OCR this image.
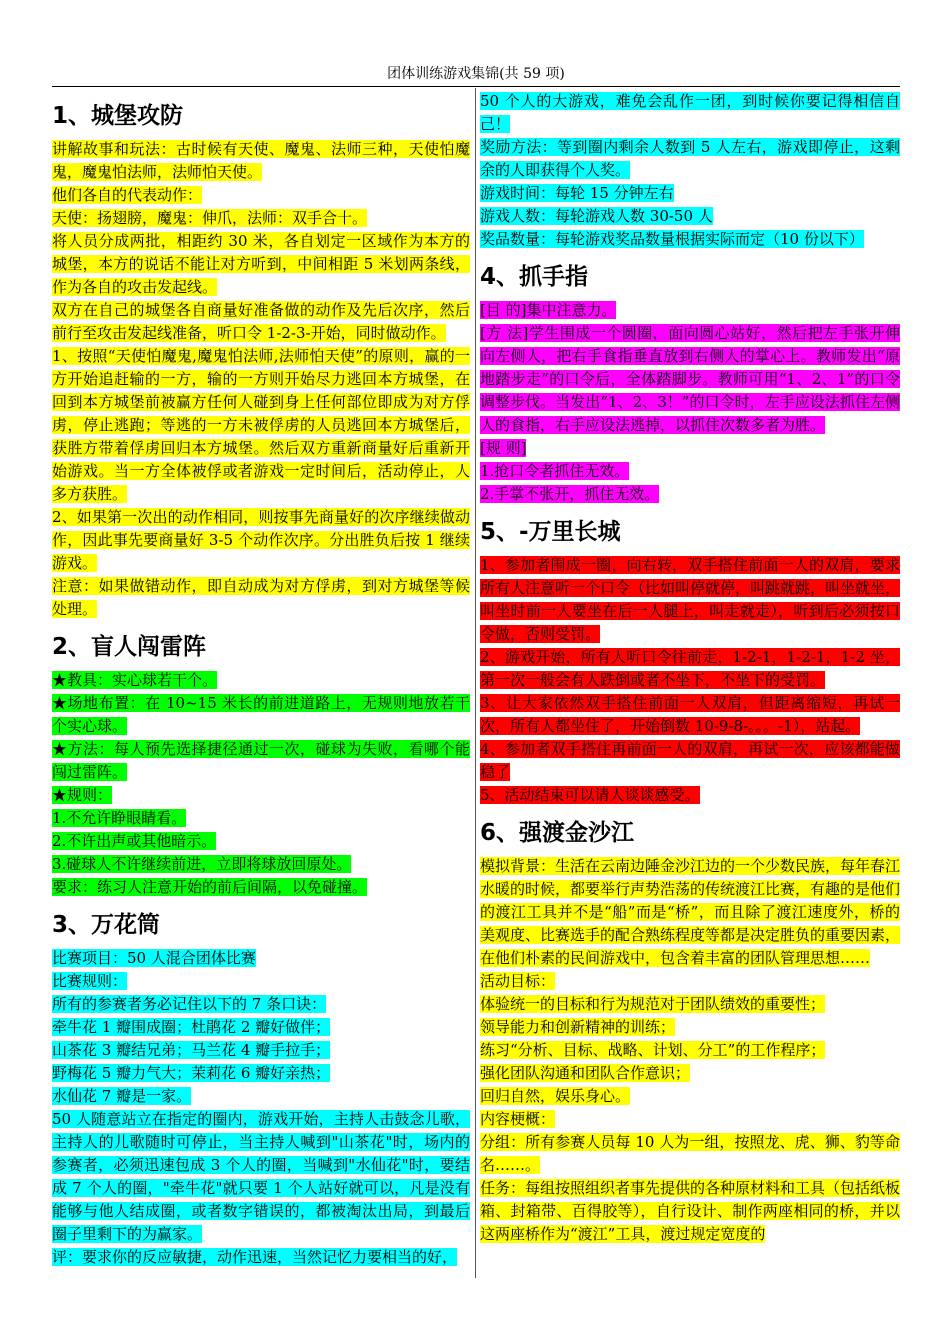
团体训练游戏集锦(共 59 项)
1、城堡攻防

讲解故事和玩法：古时候有天使、魔鬼、法师三种，天使怕魔鬼，魔鬼怕法师，法师怕天使。

他们各自的代表动作：

天使：扬翅膀，魔鬼：伸爪，法师：双手合十。

将人员分成两批，相距约 30 米，各自划定一区域作为本方的城堡，本方的说话不能让对方听到，中间相距 5 米划两条线，作为各自的攻击发起线。

双方在自己的城堡各自商量好准备做的动作及先后次序，然后前行至攻击发起线准备，听口令 1-2-3-开始，同时做动作。

1、按照“天使怕魔鬼,魔鬼怕法师,法师怕天使”的原则，赢的一方开始追赶输的一方，输的一方则开始尽力逃回本方城堡，在回到本方城堡前被赢方任何人碰到身上任何部位即成为对方俘虏，停止逃跑；等逃的一方未被俘虏的人员逃回本方城堡后，获胜方带着俘虏回归本方城堡。然后双方重新商量好后重新开始游戏。当一方全体被俘或者游戏一定时间后，活动停止，人多方获胜。

2、如果第一次出的动作相同，则按事先商量好的次序继续做动作，因此事先要商量好 3-5 个动作次序。分出胜负后按 1 继续游戏。

注意：如果做错动作，即自动成为对方俘虏，到对方城堡等候处理。

2、盲人闯雷阵

★教具：实心球若干个。

★场地布置：在 10~15 米长的前进道路上，无规则地放若干个实心球。

★方法：每人预先选择捷径通过一次，碰球为失败，看哪个能闯过雷阵。

★规则：

1.不允许睁眼睛看。

2.不许出声或其他暗示。

3.碰球人不许继续前进，立即将球放回原处。

要求：练习人注意开始的前后间隔，以免碰撞。

3、万花筒

比赛项目：50 人混合团体比赛

比赛规则：

所有的参赛者务必记住以下的 7 条口诀：

牵牛花 1 瓣围成圈；杜鹃花 2 瓣好做伴；

山茶花 3 瓣结兄弟；马兰花 4 瓣手拉手；

野梅花 5 瓣力气大；茉莉花 6 瓣好亲热；

水仙花 7 瓣是一家。

50 人随意站立在指定的圈内，游戏开始，主持人击鼓念儿歌，主持人的儿歌随时可停止，当主持人喊到"山茶花"时，场内的参赛者，必须迅速包成 3 个人的圈，当喊到"水仙花"时，要结成 7 个人的圈，"牵牛花"就只要 1 个人站好就可以，凡是没有能够与他人结成圈，或者数字错误的，都被淘汰出局，到最后圈子里剩下的为赢家。

评：要求你的反应敏捷，动作迅速，当然记忆力要相当的好，

50 个人的大游戏，难免会乱作一团，到时候你要记得相信自己！

奖励方法：等到圈内剩余人数到 5 人左右，游戏即停止，这剩余的人即获得个人奖。

游戏时间：每轮 15 分钟左右

游戏人数：每轮游戏人数 30-50 人

奖品数量：每轮游戏奖品数量根据实际而定（10 份以下）

4、抓手指

[目 的]集中注意力。

[方 法]学生围成一个圆圈，面向圆心站好，然后把左手张开伸向左侧人，把右手食指垂直放到右侧人的掌心上。教师发出“原地踏步走”的口令后，全体踏脚步。教师可用“1、2、1”的口令调整步伐。当发出“1、2、3！”的口令时，左手应设法抓住左侧人的食指，右手应设法逃掉，以抓住次数多者为胜。

[规 则]

1.抢口令者抓住无效。

2.手掌不张开，抓住无效。

5、-万里长城

1、参加者围成一圈，向右转，双手搭住前面一人的双肩，要求所有人注意听一个口令（比如叫停就停，叫跳就跳，叫坐就坐，叫坐时前一人要坐在后一人腿上，叫走就走），听到后必须按口令做，否则受罚。

2、游戏开始，所有人听口令往前走，1-2-1，1-2-1，1-2 坐，第一次一般会有人跌倒或者不坐下，不坐下的受罚。

3、让大家依然双手搭住前面一人双肩，但距离缩短，再试一次，所有人都坐住了，开始倒数 10-9-8-。。。-1），站起。

4、参加者双手搭住再前面一人的双肩，再试一次，应该都能做稳了

5、活动结束可以请人谈谈感受。

6、强渡金沙江

模拟背景：生活在云南边陲金沙江边的一个少数民族，每年春江水暖的时候，都要举行声势浩荡的传统渡江比赛，有趣的是他们的渡江工具并不是“船”而是“桥”，而且除了渡江速度外，桥的美观度、比赛选手的配合熟练程度等都是决定胜负的重要因素，在他们朴素的民间游戏中，包含着丰富的团队管理思想……

活动目标：

体验统一的目标和行为规范对于团队绩效的重要性；

领导能力和创新精神的训练；

练习“分析、目标、战略、计划、分工”的工作程序；

强化团队沟通和团队合作意识；

回归自然，娱乐身心。

内容梗概：

分组：所有参赛人员每 10 人为一组，按照龙、虎、狮、豹等命名……。

任务：每组按照组织者事先提供的各种原材料和工具（包括纸板箱、封箱带、百得胶等），自行设计、制作两座相同的桥，并以这两座桥作为“渡江”工具，渡过规定宽度的
